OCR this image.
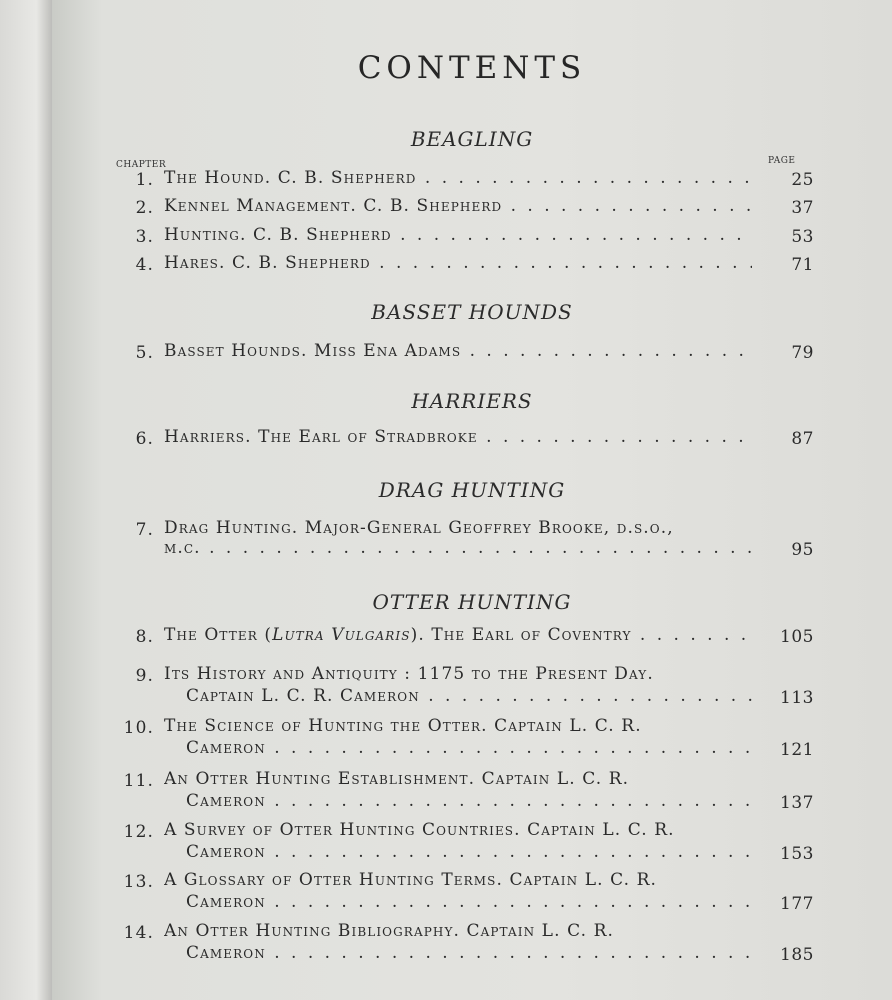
CONTENTS
BEAGLING
CHAPTER	PAGE
1. The Hound. C. B. Shepherd . .	25
2. Kennel Management. C. B. Shepherd . .	37
3. Hunting. C. B. Shepherd . .	53
4. Hares. C. B. Shepherd . .	71
BASSET HOUNDS
5. Basset Hounds. Miss Ena Adams . .	79
HARRIERS
6. Harriers. The Earl of Stradbroke . .	87
DRAG HUNTING
7. Drag Hunting. Major-General Geoffrey Brooke, d.s.o.,
m.c. . .	95
OTTER HUNTING
8. The Otter (Lutra Vulgaris). The Earl of Coventry . .	105
9. Its History and Antiquity : 1175 to the Present Day.
Captain L. C. R. Cameron . .	113
10. The Science of Hunting the Otter. Captain L. C. R.
Cameron . .	121
11. An Otter Hunting Establishment. Captain L. C. R.
Cameron . .	137
12. A Survey of Otter Hunting Countries. Captain L. C. R.
Cameron . .	153
13. A Glossary of Otter Hunting Terms. Captain L. C. R.
Cameron . .	177
14. An Otter Hunting Bibliography. Captain L. C. R.
Cameron . .	185
